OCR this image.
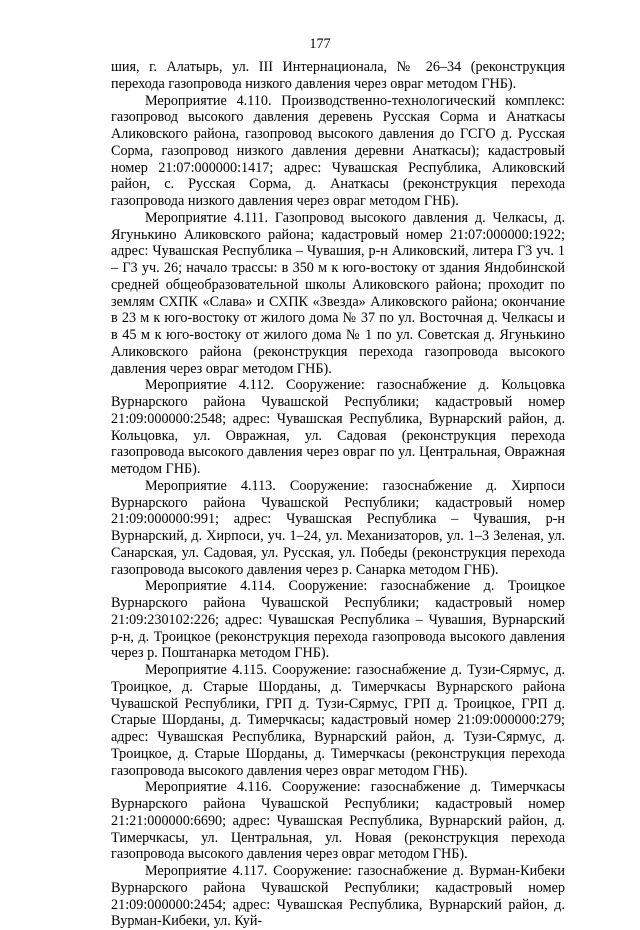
177

шия, г. Алатырь, ул. III Интернационала, № 26–34 (реконструкция перехода газопровода низкого давления через овраг методом ГНБ).

Мероприятие 4.110. Производственно-технологический комплекс: газопровод высокого давления деревень Русская Сорма и Анаткасы Аликовского района, газопровод высокого давления до ГСГО д. Русская Сорма, газопровод низкого давления деревни Анаткасы); кадастровый номер 21:07:000000:1417; адрес: Чувашская Республика, Аликовский район, с. Русская Сорма, д. Анаткасы (реконструкция перехода газопровода низкого давления через овраг методом ГНБ).

Мероприятие 4.111. Газопровод высокого давления д. Челкасы, д. Ягунькино Аликовского района; кадастровый номер 21:07:000000:1922; адрес: Чувашская Республика – Чувашия, р-н Аликовский, литера Г3 уч. 1 – Г3 уч. 26; начало трассы: в 350 м к юго-востоку от здания Яндобинской средней общеобразовательной школы Аликовского района; проходит по землям СХПК «Слава» и СХПК «Звезда» Аликовского района; окончание в 23 м к юго-востоку от жилого дома № 37 по ул. Восточная д. Челкасы и в 45 м к юго-востоку от жилого дома № 1 по ул. Советская д. Ягунькино Аликовского района (реконструкция перехода газопровода высокого давления через овраг методом ГНБ).

Мероприятие 4.112. Сооружение: газоснабжение д. Кольцовка Вурнарского района Чувашской Республики; кадастровый номер 21:09:000000:2548; адрес: Чувашская Республика, Вурнарский район, д. Кольцовка, ул. Овражная, ул. Садовая (реконструкция перехода газопровода высокого давления через овраг по ул. Центральная, Овражная методом ГНБ).

Мероприятие 4.113. Сооружение: газоснабжение д. Хирпоси Вурнарского района Чувашской Республики; кадастровый номер 21:09:000000:991; адрес: Чувашская Республика – Чувашия, р-н Вурнарский, д. Хирпоси, уч. 1–24, ул. Механизаторов, ул. 1–3 Зеленая, ул. Санарская, ул. Садовая, ул. Русская, ул. Победы (реконструкция перехода газопровода высокого давления через р. Санарка методом ГНБ).

Мероприятие 4.114. Сооружение: газоснабжение д. Троицкое Вурнарского района Чувашской Республики; кадастровый номер 21:09:230102:226; адрес: Чувашская Республика – Чувашия, Вурнарский р-н, д. Троицкое (реконструкция перехода газопровода высокого давления через р. Поштанарка методом ГНБ).

Мероприятие 4.115. Сооружение: газоснабжение д. Тузи-Сярмус, д. Троицкое, д. Старые Шорданы, д. Тимерчкасы Вурнарского района Чувашской Республики, ГРП д. Тузи-Сярмус, ГРП д. Троицкое, ГРП д. Старые Шорданы, д. Тимерчкасы; кадастровый номер 21:09:000000:279; адрес: Чувашская Республика, Вурнарский район, д. Тузи-Сярмус, д. Троицкое, д. Старые Шорданы, д. Тимерчкасы (реконструкция перехода газопровода высокого давления через овраг методом ГНБ).

Мероприятие 4.116. Сооружение: газоснабжение д. Тимерчкасы Вурнарского района Чувашской Республики; кадастровый номер 21:21:000000:6690; адрес: Чувашская Республика, Вурнарский район, д. Тимерчкасы, ул. Центральная, ул. Новая (реконструкция перехода газопровода высокого давления через овраг методом ГНБ).

Мероприятие 4.117. Сооружение: газоснабжение д. Вурман-Кибеки Вурнарского района Чувашской Республики; кадастровый номер 21:09:000000:2454; адрес: Чувашская Республика, Вурнарский район, д. Вурман-Кибеки, ул. Куй-
